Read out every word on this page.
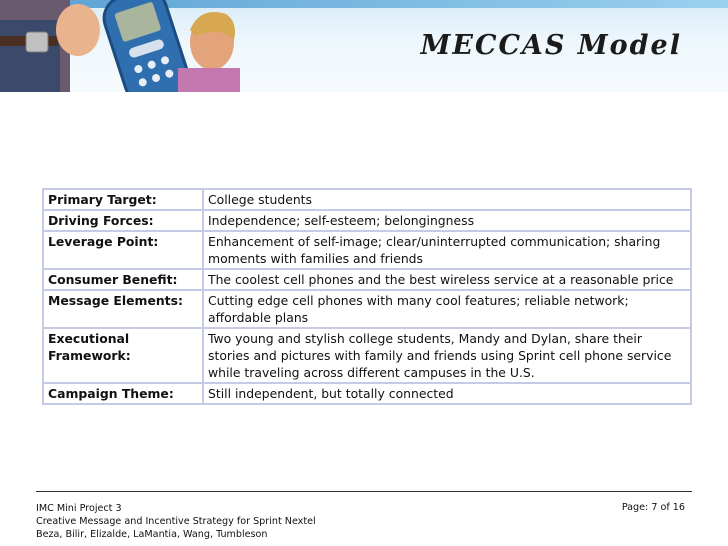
MECCAS Model
Primary Target:	College students
Driving Forces:	Independence; self-esteem; belongingness
Leverage Point:	Enhancement of self-image; clear/uninterrupted communication; sharing moments with families and friends
Consumer Benefit:	The coolest cell phones and the best wireless service at a reasonable price
Message Elements:	Cutting edge cell phones with many cool features; reliable network; affordable plans
Executional Framework:	Two young and stylish college students, Mandy and Dylan, share their stories and pictures with family and friends using Sprint cell phone service while traveling across different campuses in the U.S.
Campaign Theme:	Still independent, but totally connected
IMC Mini Project 3
Creative Message and Incentive Strategy for Sprint Nextel
Beza, Bilir, Elizalde, LaMantia, Wang, Tumbleson
Page: 7 of 16
